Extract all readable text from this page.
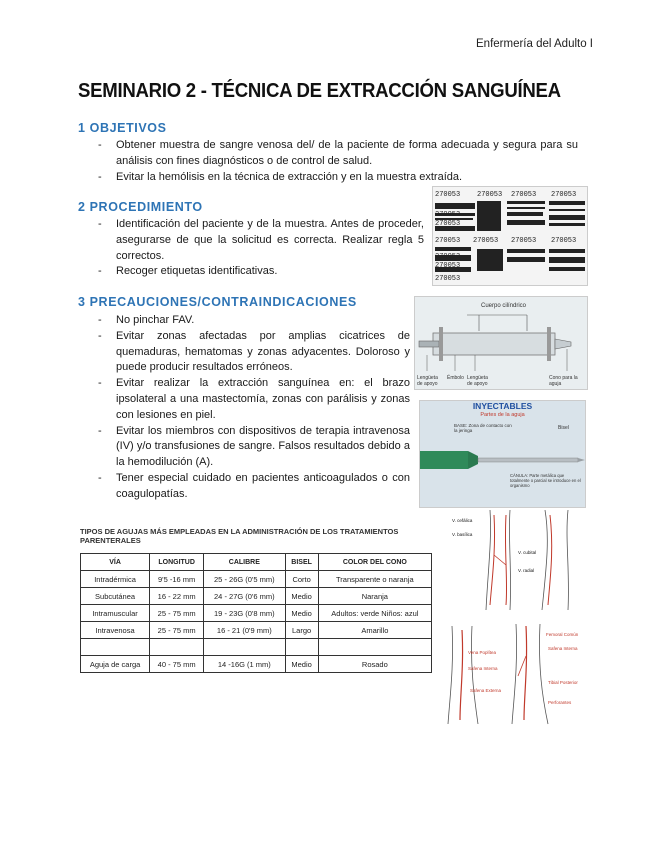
Enfermería del Adulto I
SEMINARIO 2 - TÉCNICA DE EXTRACCIÓN SANGUÍNEA
1 OBJETIVOS
- Obtener muestra de sangre venosa del/ de la paciente de forma adecuada y segura para su análisis con fines diagnósticos o de control de salud.
- Evitar la hemólisis en la técnica de extracción y en la muestra extraída.
2 PROCEDIMIENTO
- Identificación del paciente y de la muestra. Antes de proceder, asegurarse de que la solicitud es correcta. Realizar regla 5 correctos.
- Recoger etiquetas identificativas.
3 PRECAUCIONES/CONTRAINDICACIONES
- No pinchar FAV.
- Evitar zonas afectadas por amplias cicatrices de quemaduras, hematomas y zonas adyacentes. Doloroso y puede producir resultados erróneos.
- Evitar realizar la extracción sanguínea en: el brazo ipsolateral a una mastectomía, zonas con parálisis y zonas con lesiones en piel.
- Evitar los miembros con dispositivos de terapia intravenosa (IV) y/o transfusiones de sangre. Falsos resultados debido a la hemodilución (A).
- Tener especial cuidado en pacientes anticoagulados o con coagulopatías.
270053 270053 270053 270053
270053
270053
270053 270053 270053 270053
270053
270053
270053
Cuerpo cilíndrico
Lengüeta de apoyo
Émbolo Lengüeta de apoyo
Cono para la aguja
INYECTABLES
Partes de la aguja
BASE: Zona de contacto con la jeringa	Bisel
CÁNULA: Parte metálica que totalmente o parcial se introduce en el organismo
TIPOS DE AGUJAS MÁS EMPLEADAS EN LA ADMINISTRACIÓN DE LOS TRATAMIENTOS PARENTERALES
VÍA	LONGITUD	CALIBRE	BISEL	COLOR DEL CONO
Intradérmica	9'5 -16 mm	25 - 26G (0'5 mm)	Corto	Transparente o naranja
Subcutánea	16 - 22 mm	24 - 27G (0'6 mm)	Medio	Naranja
Intramuscular	25 - 75 mm	19 - 23G (0'8 mm)	Medio	Adultos: verde Niños: azul
Intravenosa	25 - 75 mm	16 - 21 (0'9 mm)	Largo	Amarillo

Aguja de carga	40 - 75 mm	14 -16G (1 mm)	Medio	Rosado
V. cefálica
V. basílica
V. cubital
V. radial
Vena Poplítea
Safena Interna
Safena Externa
Femoral Común
Safena Interna
Tibial Posterior
Perforantes
